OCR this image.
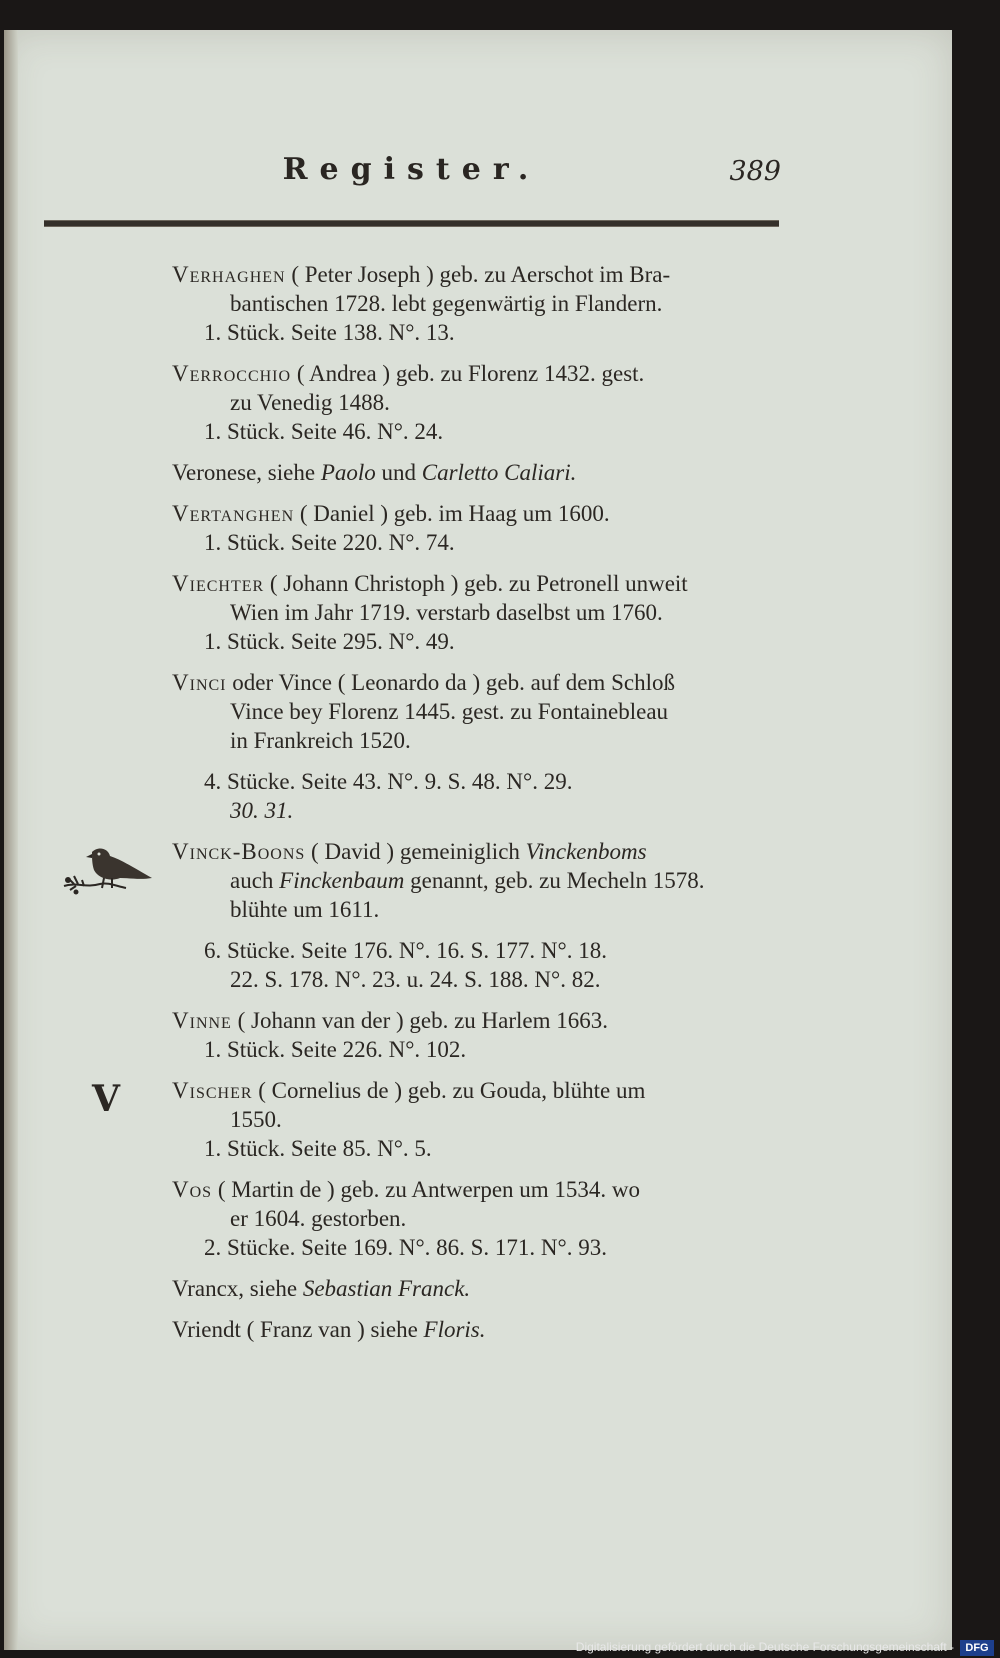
Register.	389
Verhaghen ( Peter Joseph ) geb. zu Aerschot im Bra-
bantischen 1728. lebt gegenwärtig in Flandern.
1. Stück. Seite 138. N°. 13.
Verrocchio ( Andrea ) geb. zu Florenz 1432. gest.
zu Venedig 1488.
1. Stück. Seite 46. N°. 24.
Veronese, siehe Paolo und Carletto Caliari.
Vertanghen ( Daniel ) geb. im Haag um 1600.
1. Stück. Seite 220. N°. 74.
Viechter ( Johann Christoph ) geb. zu Petronell unweit
Wien im Jahr 1719. verstarb daselbst um 1760.
1. Stück. Seite 295. N°. 49.
Vinci oder Vince ( Leonardo da ) geb. auf dem Schloß
Vince bey Florenz 1445. gest. zu Fontainebleau
in Frankreich 1520.
4. Stücke. Seite 43. N°. 9. S. 48. N°. 29.
30. 31.
Vinck-Boons ( David ) gemeiniglich Vinckenboms
auch Finckenbaum genannt, geb. zu Mecheln 1578.
blühte um 1611.
6. Stücke. Seite 176. N°. 16. S. 177. N°. 18.
22. S. 178. N°. 23. u. 24. S. 188. N°. 82.
Vinne ( Johann van der ) geb. zu Harlem 1663.
1. Stück. Seite 226. N°. 102.
Vischer ( Cornelius de ) geb. zu Gouda, blühte um
1550.
1. Stück. Seite 85. N°. 5.
Vos ( Martin de ) geb. zu Antwerpen um 1534. wo
er 1604. gestorben.
2. Stücke. Seite 169. N°. 86. S. 171. N°. 93.
Vrancx, siehe Sebastian Franck.
Vriendt ( Franz van ) siehe Floris.
V
Digitalisierung gefördert durch die Deutsche Forschungsgemeinschaft -	DFG
